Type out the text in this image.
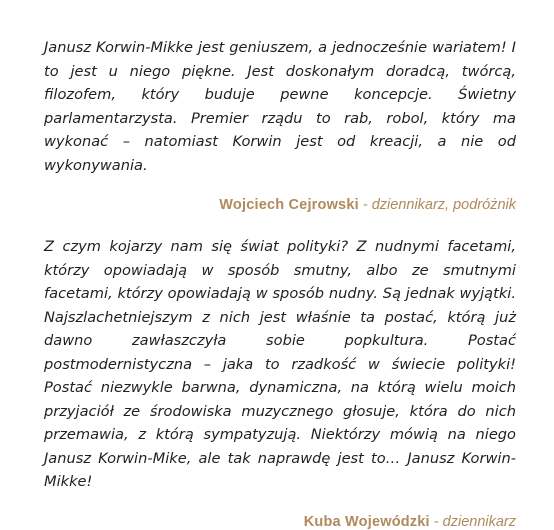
Janusz Korwin-Mikke jest geniuszem, a jednocześnie wariatem! I to jest u niego piękne. Jest doskonałym doradcą, twórcą, filozofem, który buduje pewne koncepcje. Świetny parlamentarzysta. Premier rządu to rab, robol, który ma wykonać – natomiast Korwin jest od kreacji, a nie od wykonywania.

Wojciech Cejrowski - dziennikarz, podróżnik

Z czym kojarzy nam się świat polityki? Z nudnymi facetami, którzy opowiadają w sposób smutny, albo ze smutnymi facetami, którzy opowiadają w sposób nudny. Są jednak wyjątki. Najszlachetniejszym z nich jest właśnie ta postać, którą już dawno zawłaszczyła sobie popkultura. Postać postmodernistyczna – jaka to rzadkość w świecie polityki! Postać niezwykle barwna, dynamiczna, na którą wielu moich przyjaciół ze środowiska muzycznego głosuje, która do nich przemawia, z którą sympatyzują. Niektórzy mówią na niego Janusz Korwin-Mike, ale tak naprawdę jest to… Janusz Korwin-Mikke!

Kuba Wojewódzki - dziennikarz
